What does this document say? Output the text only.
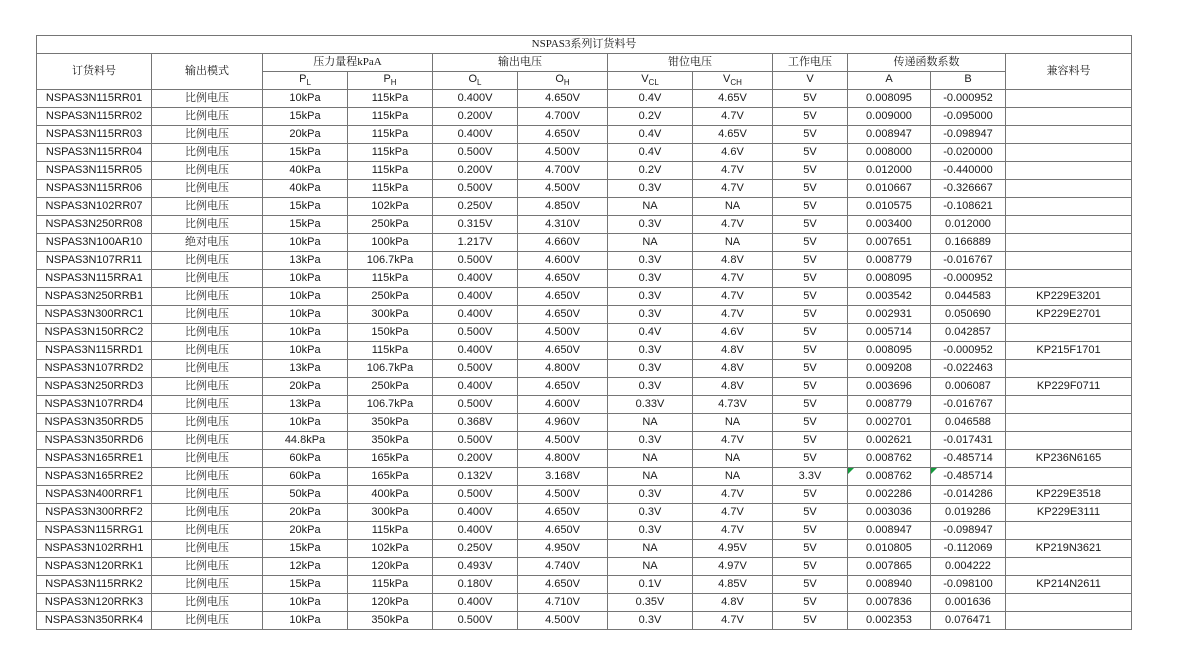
NSPAS3系列订货料号											
订货料号	输出模式	压力量程kPaA		输出电压		钳位电压		工作电压	传递函数系数		兼容料号
		$P_L$	$P_H$	$O_L$	$O_H$	$V_{CL}$	$V_{CH}$	V	A	B	
NSPAS3N115RR01	比例电压	10kPa	115kPa	0.400V	4.650V	0.4V	4.65V	5V	0.008095	-0.000952	
NSPAS3N115RR02	比例电压	15kPa	115kPa	0.200V	4.700V	0.2V	4.7V	5V	0.009000	-0.095000	
NSPAS3N115RR03	比例电压	20kPa	115kPa	0.400V	4.650V	0.4V	4.65V	5V	0.008947	-0.098947	
NSPAS3N115RR04	比例电压	15kPa	115kPa	0.500V	4.500V	0.4V	4.6V	5V	0.008000	-0.020000	
NSPAS3N115RR05	比例电压	40kPa	115kPa	0.200V	4.700V	0.2V	4.7V	5V	0.012000	-0.440000	
NSPAS3N115RR06	比例电压	40kPa	115kPa	0.500V	4.500V	0.3V	4.7V	5V	0.010667	-0.326667	
NSPAS3N102RR07	比例电压	15kPa	102kPa	0.250V	4.850V	NA	NA	5V	0.010575	-0.108621	
NSPAS3N250RR08	比例电压	15kPa	250kPa	0.315V	4.310V	0.3V	4.7V	5V	0.003400	0.012000	
NSPAS3N100AR10	绝对电压	10kPa	100kPa	1.217V	4.660V	NA	NA	5V	0.007651	0.166889	
NSPAS3N107RR11	比例电压	13kPa	106.7kPa	0.500V	4.600V	0.3V	4.8V	5V	0.008779	-0.016767	
NSPAS3N115RRA1	比例电压	10kPa	115kPa	0.400V	4.650V	0.3V	4.7V	5V	0.008095	-0.000952	
NSPAS3N250RRB1	比例电压	10kPa	250kPa	0.400V	4.650V	0.3V	4.7V	5V	0.003542	0.044583	KP229E3201
NSPAS3N300RRC1	比例电压	10kPa	300kPa	0.400V	4.650V	0.3V	4.7V	5V	0.002931	0.050690	KP229E2701
NSPAS3N150RRC2	比例电压	10kPa	150kPa	0.500V	4.500V	0.4V	4.6V	5V	0.005714	0.042857	
NSPAS3N115RRD1	比例电压	10kPa	115kPa	0.400V	4.650V	0.3V	4.8V	5V	0.008095	-0.000952	KP215F1701
NSPAS3N107RRD2	比例电压	13kPa	106.7kPa	0.500V	4.800V	0.3V	4.8V	5V	0.009208	-0.022463	
NSPAS3N250RRD3	比例电压	20kPa	250kPa	0.400V	4.650V	0.3V	4.8V	5V	0.003696	0.006087	KP229F0711
NSPAS3N107RRD4	比例电压	13kPa	106.7kPa	0.500V	4.600V	0.33V	4.73V	5V	0.008779	-0.016767	
NSPAS3N350RRD5	比例电压	10kPa	350kPa	0.368V	4.960V	NA	NA	5V	0.002701	0.046588	
NSPAS3N350RRD6	比例电压	44.8kPa	350kPa	0.500V	4.500V	0.3V	4.7V	5V	0.002621	-0.017431	
NSPAS3N165RRE1	比例电压	60kPa	165kPa	0.200V	4.800V	NA	NA	5V	0.008762	-0.485714	KP236N6165
NSPAS3N165RRE2	比例电压	60kPa	165kPa	0.132V	3.168V	NA	NA	3.3V	0.008762	-0.485714

NSPAS3N400RRF1	比例电压	50kPa	400kPa	0.500V	4.500V	0.3V	4.7V	5V	0.002286	-0.014286	KP229E3518
NSPAS3N300RRF2	比例电压	20kPa	300kPa	0.400V	4.650V	0.3V	4.7V	5V	0.003036	0.019286	KP229E3111
NSPAS3N115RRG1	比例电压	20kPa	115kPa	0.400V	4.650V	0.3V	4.7V	5V	0.008947	-0.098947	
NSPAS3N102RRH1	比例电压	15kPa	102kPa	0.250V	4.950V	NA	4.95V	5V	0.010805	-0.112069	KP219N3621
NSPAS3N120RRK1	比例电压	12kPa	120kPa	0.493V	4.740V	NA	4.97V	5V	0.007865	0.004222	
NSPAS3N115RRK2	比例电压	15kPa	115kPa	0.180V	4.650V	0.1V	4.85V	5V	0.008940	-0.098100	KP214N2611
NSPAS3N120RRK3	比例电压	10kPa	120kPa	0.400V	4.710V	0.35V	4.8V	5V	0.007836	0.001636	
NSPAS3N350RRK4	比例电压	10kPa	350kPa	0.500V	4.500V	0.3V	4.7V	5V	0.002353	0.076471	
